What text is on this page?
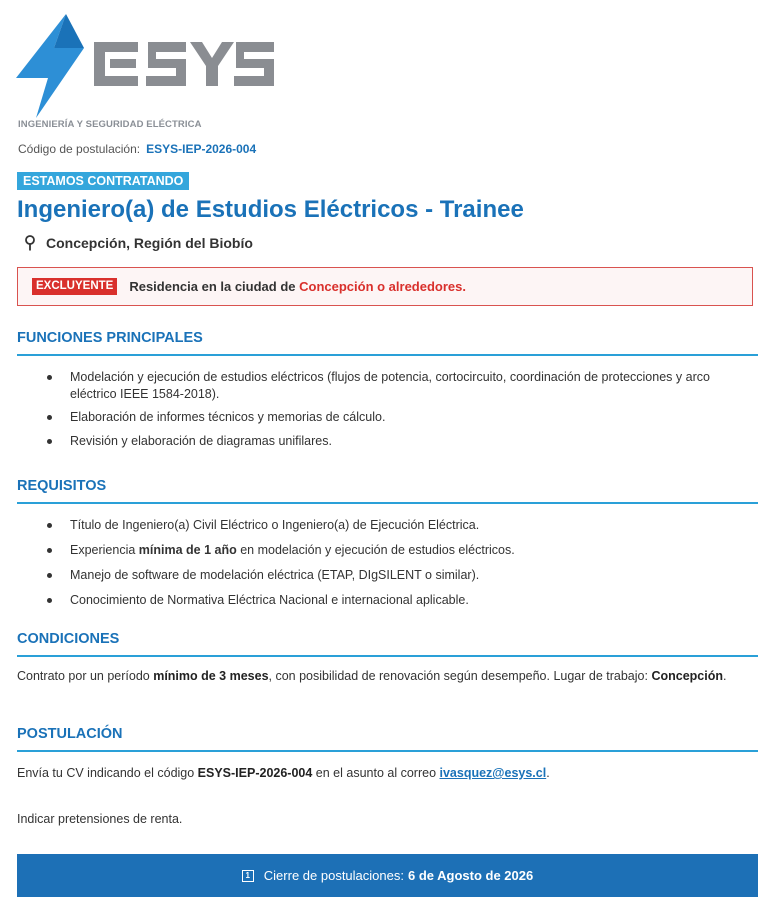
INGENIERÍA Y SEGURIDAD ELÉCTRICA
Código de postulación: ESYS-IEP-2026-004
ESTAMOS CONTRATANDO
Ingeniero(a) de Estudios Eléctricos - Trainee
Concepción, Región del Biobío
EXCLUYENTE	Residencia en la ciudad de Concepción o alrededores.
FUNCIONES PRINCIPALES
Modelación y ejecución de estudios eléctricos (flujos de potencia, cortocircuito, coordinación de protecciones y arco eléctrico IEEE 1584-2018).
Elaboración de informes técnicos y memorias de cálculo.
Revisión y elaboración de diagramas unifilares.
REQUISITOS
Título de Ingeniero(a) Civil Eléctrico o Ingeniero(a) de Ejecución Eléctrica.
Experiencia mínima de 1 año en modelación y ejecución de estudios eléctricos.
Manejo de software de modelación eléctrica (ETAP, DIgSILENT o similar).
Conocimiento de Normativa Eléctrica Nacional e internacional aplicable.
CONDICIONES
Contrato por un período mínimo de 3 meses, con posibilidad de renovación según desempeño. Lugar de trabajo: Concepción.
POSTULACIÓN
Envía tu CV indicando el código ESYS-IEP-2026-004 en el asunto al correo ivasquez@esys.cl.
Indicar pretensiones de renta.
1 Cierre de postulaciones: 6 de Agosto de 2026
